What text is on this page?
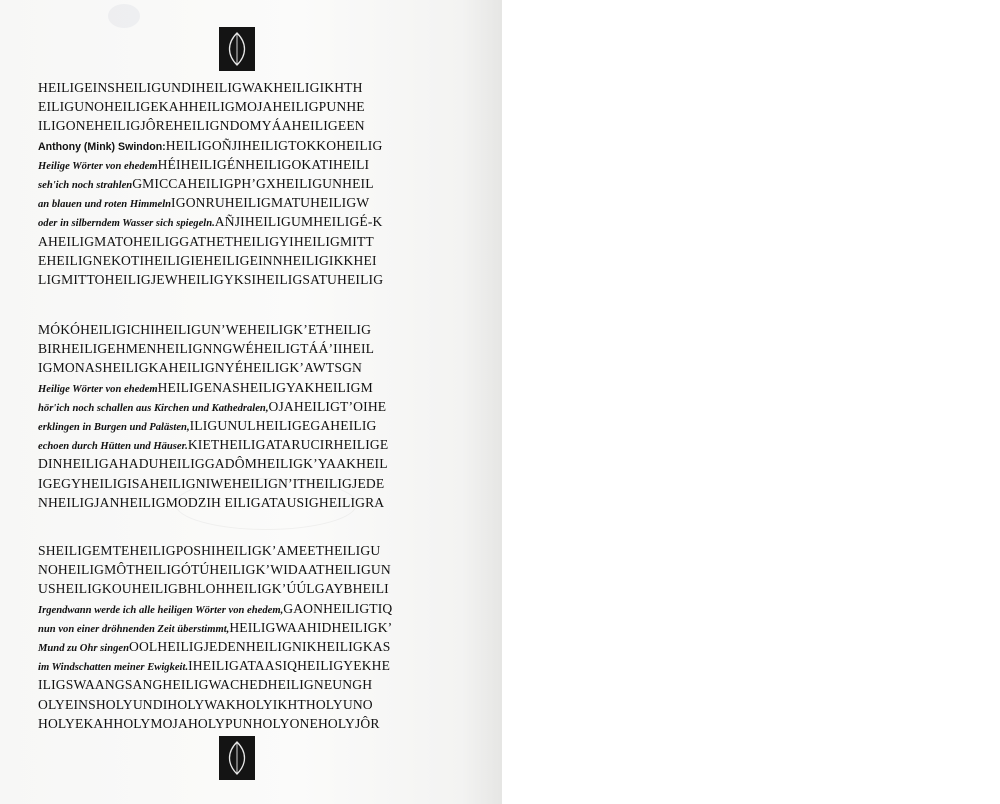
HEILIGEINSHEILIGUNDIHEILIGWAKHEILIGIKHTH
EILIGUNOHEILIGEKAHHEILIGMOJAHEILIGPUNHE
ILIGONEHEILIGJÔREHEILIGNDOMYÁAHEILIGEEN
Anthony (Mink) Swindon:HEILIGOÑJIHEILIGTOKKOHEILIG
Heilige Wörter von ehedemHÉIHEILIGÉNHEILIGOKATIHEILI
seh'ich noch strahlenGMICCAHEILIGPH’GXHEILIGUNHEIL
an blauen und roten HimmelnIGONRUHEILIGMATUHEILIGW
oder in silberndem Wasser sich spiegeln.AÑJIHEILIGUMHEILIGÉ-K
AHEILIGMATOHEILIGGATHETHEILIGYIHEILIGMITT
EHEILIGNEKOTIHEILIGIEHEILIGEINNHEILIGIKKHEI
LIGMITTOHEILIGJEWHEILIGYKSIHEILIGSATUHEILIG
MÓKÓHEILIGICHIHEILIGUN’WEHEILIGK’ETHEILIG
BIRHEILIGEHMENHEILIGNNGWÉHEILIGTÁÁ’IIHEIL
IGMONASHEILIGKAHEILIGNYÉHEILIGK’AWTSGN
Heilige Wörter von ehedemHEILIGENASHEILIGYAKHEILIGM
hör'ich noch schallen aus Kirchen und Kathedralen,OJAHEILIGT’OIHE
erklingen in Burgen und Palästen,ILIGUNULHEILIGEGAHEILIG
echoen durch Hütten und Häuser.KIETHEILIGATARUCIRHEILIGE
DINHEILIGAHADUHEILIGGADÔMHEILIGK’YAAKHEIL
IGEGYHEILIGISAHEILIGNIWEHEILIGN’ITHEILIGJEDE
NHEILIGJANHEILIGMODZIH EILIGATAUSIGHEILIGRA
SHEILIGEMTEHEILIGPOSHIHEILIGK’AMEETHEILIGU
NOHEILIGMÔTHEILIGÓTÚHEILIGK’WIDAATHEILIGUN
USHEILIGKOUHEILIGBHLOHHEILIGK’ÚÚLGAYBHEILI
Irgendwann werde ich alle heiligen Wörter von ehedem,GAONHEILIGTIQ
nun von einer dröhnenden Zeit überstimmt,HEILIGWAAHIDHEILIGK’
Mund zu Ohr singenOOLHEILIGJEDENHEILIGNIKHEILIGKAS
im Windschatten meiner Ewigkeit.IHEILIGATAASIQHEILIGYEKHE
ILIGSWAANGSANGHEILIGWACHEDHEILIGNEUNGH
OLYEINSHOLYUNDIHOLYWAKHOLYIKHTHOLYUNO
HOLYEKAHHOLYMOJAHOLYPUNHOLYONEHOLYJÔR
